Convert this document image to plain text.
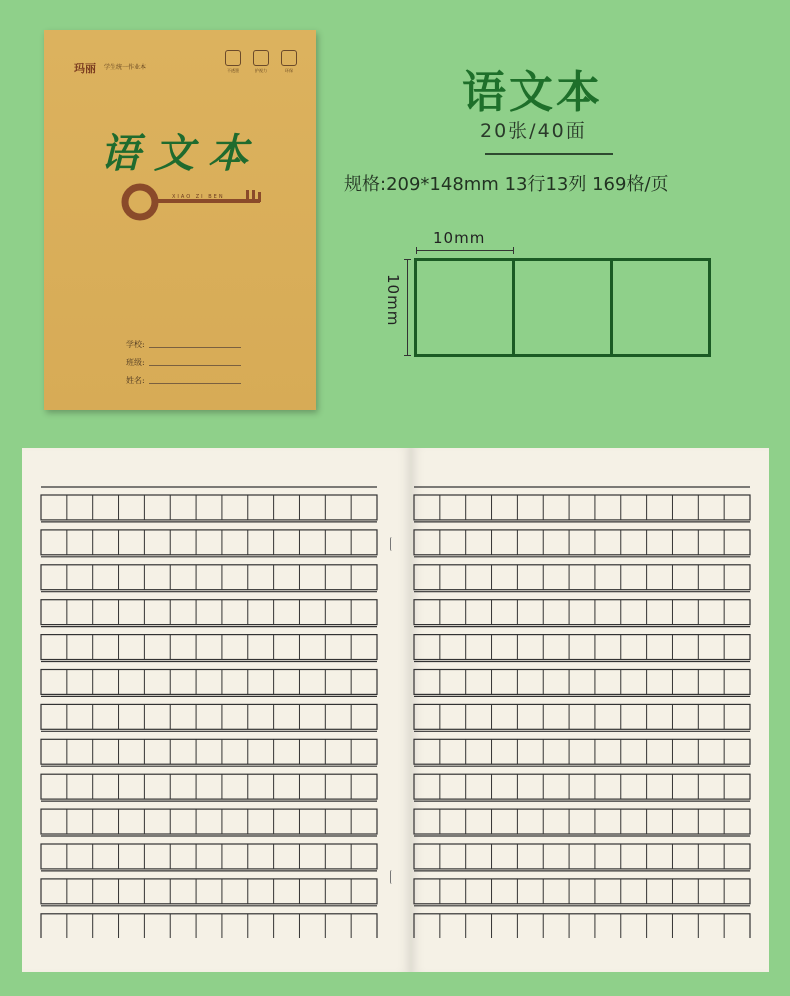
玛丽 学生统一作业本	不透墨	护视力	环保
语文本
XIAO ZI BEN
学校:
班级:
姓名:
语文本
20张/40面
规格:209*148mm 13行13列 169格/页
10mm
10mm
